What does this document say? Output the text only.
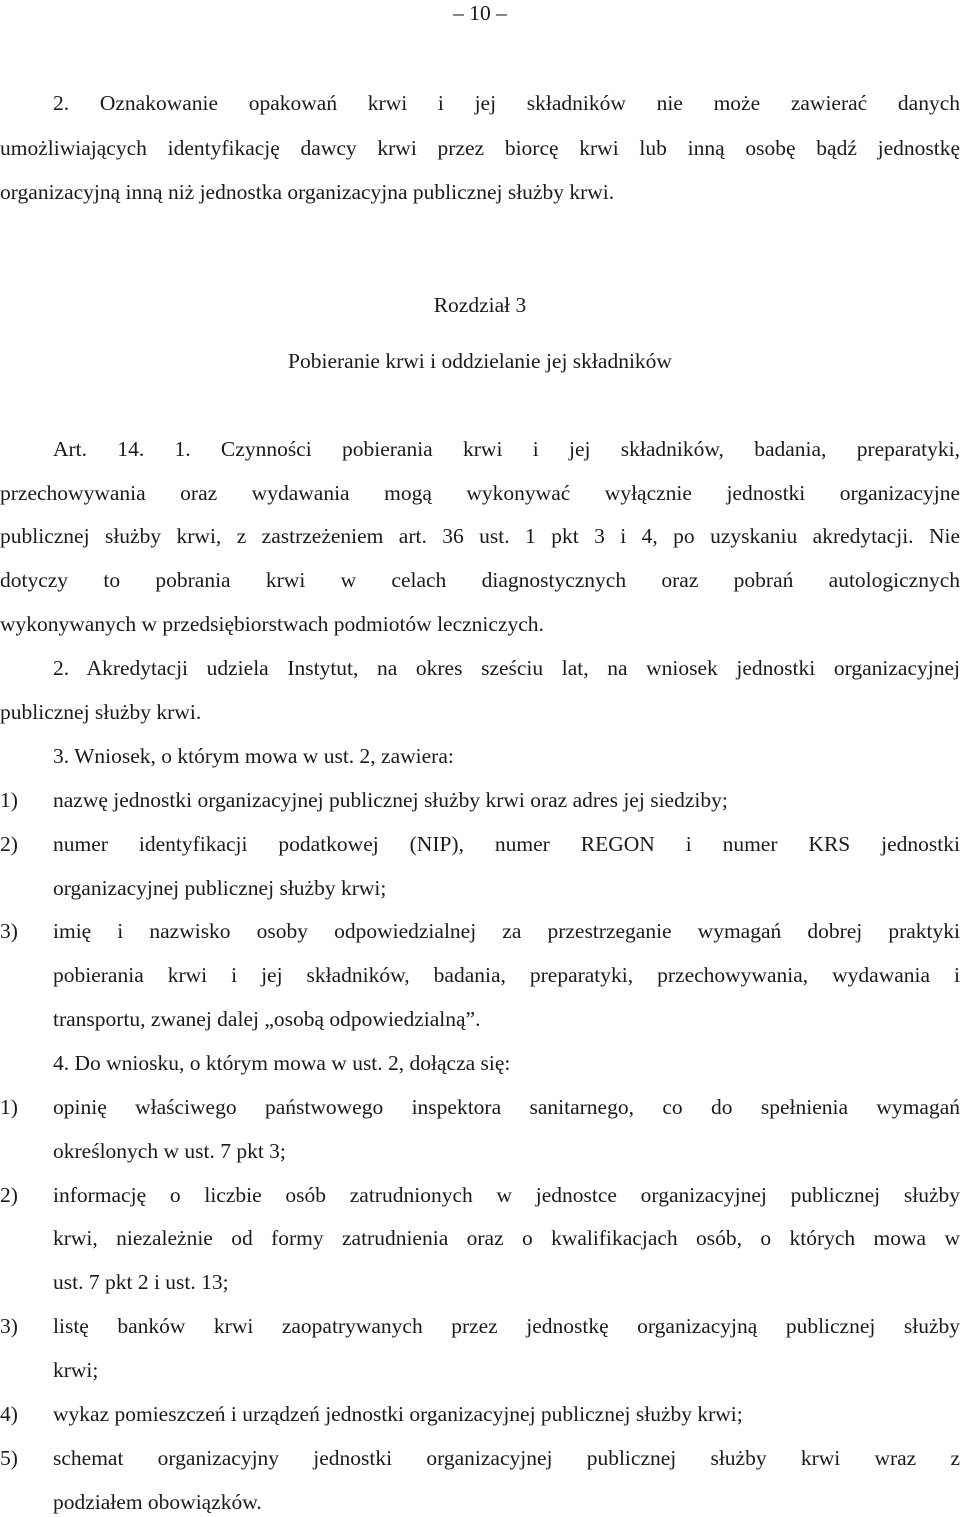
– 10 –
2. Oznakowanie opakowań krwi i jej składników nie może zawierać danych
umożliwiających identyfikację dawcy krwi przez biorcę krwi lub inną osobę bądź jednostkę
organizacyjną inną niż jednostka organizacyjna publicznej służby krwi.
Rozdział 3
Pobieranie krwi i oddzielanie jej składników
Art. 14. 1. Czynności pobierania krwi i jej składników, badania, preparatyki,
przechowywania oraz wydawania mogą wykonywać wyłącznie jednostki organizacyjne
publicznej służby krwi, z zastrzeżeniem art. 36 ust. 1 pkt 3 i 4, po uzyskaniu akredytacji. Nie
dotyczy to pobrania krwi w celach diagnostycznych oraz pobrań autologicznych
wykonywanych w przedsiębiorstwach podmiotów leczniczych.
2. Akredytacji udziela Instytut, na okres sześciu lat, na wniosek jednostki organizacyjnej
publicznej służby krwi.
3. Wniosek, o którym mowa w ust. 2, zawiera:
1) nazwę jednostki organizacyjnej publicznej służby krwi oraz adres jej siedziby;
2) numer identyfikacji podatkowej (NIP), numer REGON i numer KRS jednostki
organizacyjnej publicznej służby krwi;
3) imię i nazwisko osoby odpowiedzialnej za przestrzeganie wymagań dobrej praktyki
pobierania krwi i jej składników, badania, preparatyki, przechowywania, wydawania i
transportu, zwanej dalej „osobą odpowiedzialną”.
4. Do wniosku, o którym mowa w ust. 2, dołącza się:
1) opinię właściwego państwowego inspektora sanitarnego, co do spełnienia wymagań
określonych w ust. 7 pkt 3;
2) informację o liczbie osób zatrudnionych w jednostce organizacyjnej publicznej służby
krwi, niezależnie od formy zatrudnienia oraz o kwalifikacjach osób, o których mowa w
ust. 7 pkt 2 i ust. 13;
3) listę banków krwi zaopatrywanych przez jednostkę organizacyjną publicznej służby
krwi;
4) wykaz pomieszczeń i urządzeń jednostki organizacyjnej publicznej służby krwi;
5) schemat organizacyjny jednostki organizacyjnej publicznej służby krwi wraz z
podziałem obowiązków.
